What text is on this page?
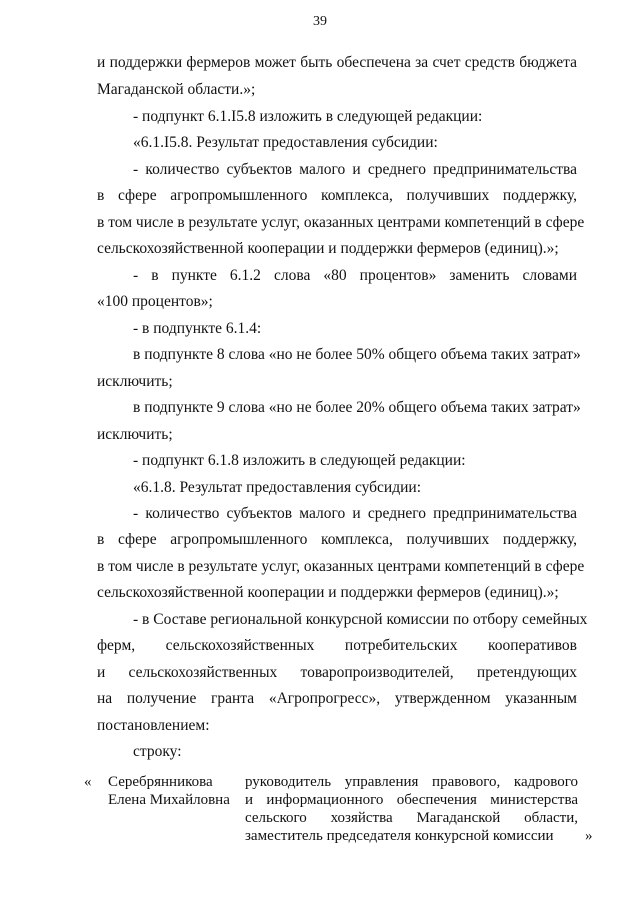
39
и поддержки фермеров может быть обеспечена за счет средств бюджета
Магаданской области.»;
- подпункт 6.1.I5.8 изложить в следующей редакции:
«6.1.I5.8. Результат предоставления субсидии:
- количество субъектов малого и среднего предпринимательства
в сфере агропромышленного комплекса, получивших поддержку,
в том числе в результате услуг, оказанных центрами компетенций в сфере
сельскохозяйственной кооперации и поддержки фермеров (единиц).»;
- в пункте 6.1.2 слова «80 процентов» заменить словами
«100 процентов»;
- в подпункте 6.1.4:
в подпункте 8 слова «но не более 50% общего объема таких затрат»
исключить;
в подпункте 9 слова «но не более 20% общего объема таких затрат»
исключить;
- подпункт 6.1.8 изложить в следующей редакции:
«6.1.8. Результат предоставления субсидии:
- количество субъектов малого и среднего предпринимательства
в сфере агропромышленного комплекса, получивших поддержку,
в том числе в результате услуг, оказанных центрами компетенций в сфере
сельскохозяйственной кооперации и поддержки фермеров (единиц).»;
- в Составе региональной конкурсной комиссии по отбору семейных
ферм, сельскохозяйственных потребительских кооперативов
и сельскохозяйственных товаропроизводителей, претендующих
на получение гранта «Агропрогресс», утвержденном указанным
постановлением:
строку:
« Серебрянникова
Елена Михайловна
руководитель управления правового, кадрового
и информационного обеспечения министерства
сельского хозяйства Магаданской области,
заместитель председателя конкурсной комиссии »
